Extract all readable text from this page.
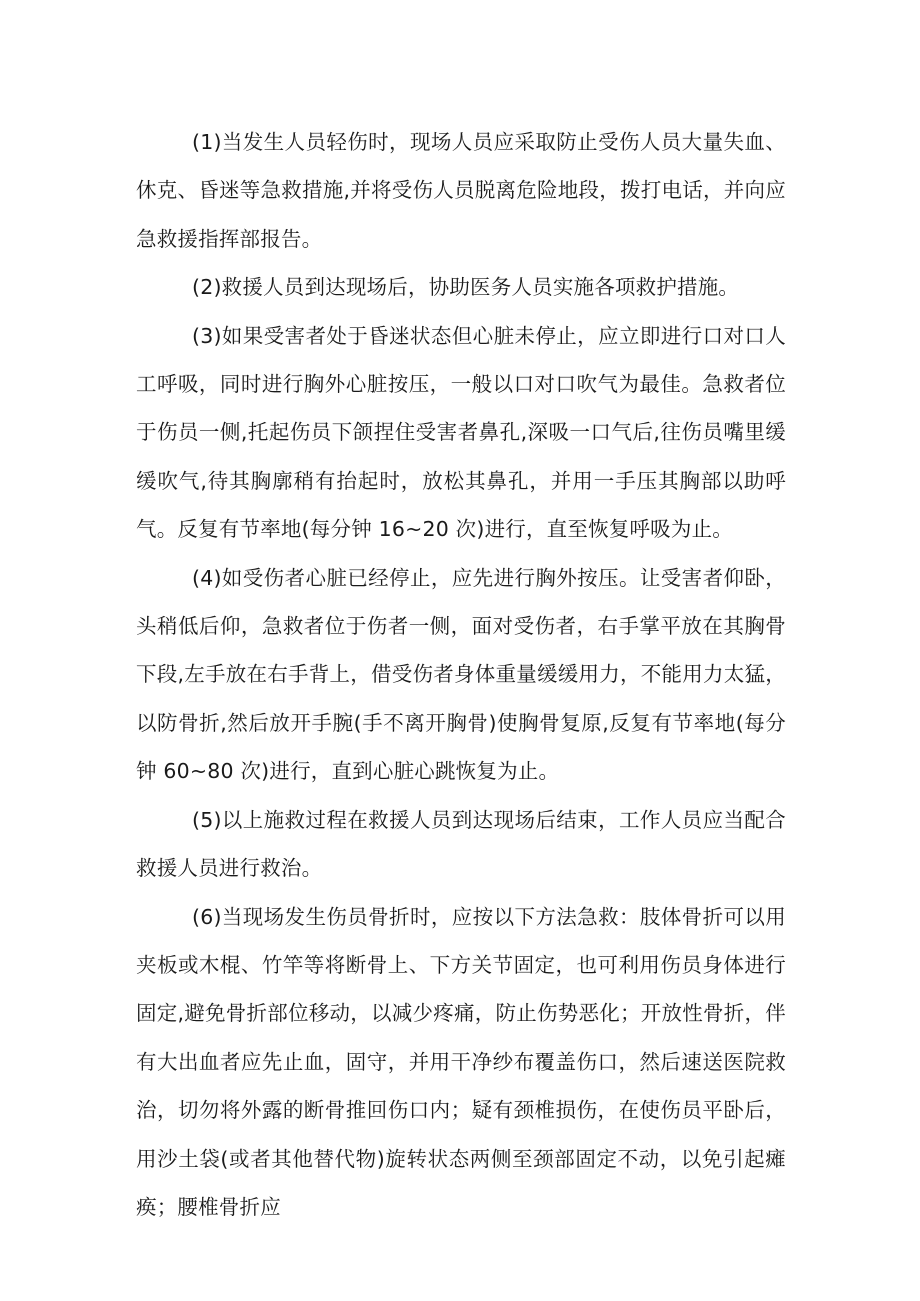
(1)当发生人员轻伤时，现场人员应采取防止受伤人员大量失血、休克、昏迷等急救措施,并将受伤人员脱离危险地段，拨打电话，并向应急救援指挥部报告。

(2)救援人员到达现场后，协助医务人员实施各项救护措施。

(3)如果受害者处于昏迷状态但心脏未停止，应立即进行口对口人工呼吸，同时进行胸外心脏按压，一般以口对口吹气为最佳。急救者位于伤员一侧,托起伤员下颌捏住受害者鼻孔,深吸一口气后,往伤员嘴里缓缓吹气,待其胸廓稍有抬起时，放松其鼻孔，并用一手压其胸部以助呼气。反复有节率地(每分钟 16~20 次)进行，直至恢复呼吸为止。

(4)如受伤者心脏已经停止，应先进行胸外按压。让受害者仰卧，头稍低后仰，急救者位于伤者一侧，面对受伤者，右手掌平放在其胸骨下段,左手放在右手背上，借受伤者身体重量缓缓用力，不能用力太猛，以防骨折,然后放开手腕(手不离开胸骨)使胸骨复原,反复有节率地(每分钟 60~80 次)进行，直到心脏心跳恢复为止。

(5)以上施救过程在救援人员到达现场后结束，工作人员应当配合救援人员进行救治。

(6)当现场发生伤员骨折时，应按以下方法急救：肢体骨折可以用夹板或木棍、竹竿等将断骨上、下方关节固定，也可利用伤员身体进行固定,避免骨折部位移动，以减少疼痛，防止伤势恶化；开放性骨折，伴有大出血者应先止血，固守，并用干净纱布覆盖伤口，然后速送医院救治，切勿将外露的断骨推回伤口内；疑有颈椎损伤，在使伤员平卧后，用沙土袋(或者其他替代物)旋转状态两侧至颈部固定不动，以免引起瘫痪；腰椎骨折应
